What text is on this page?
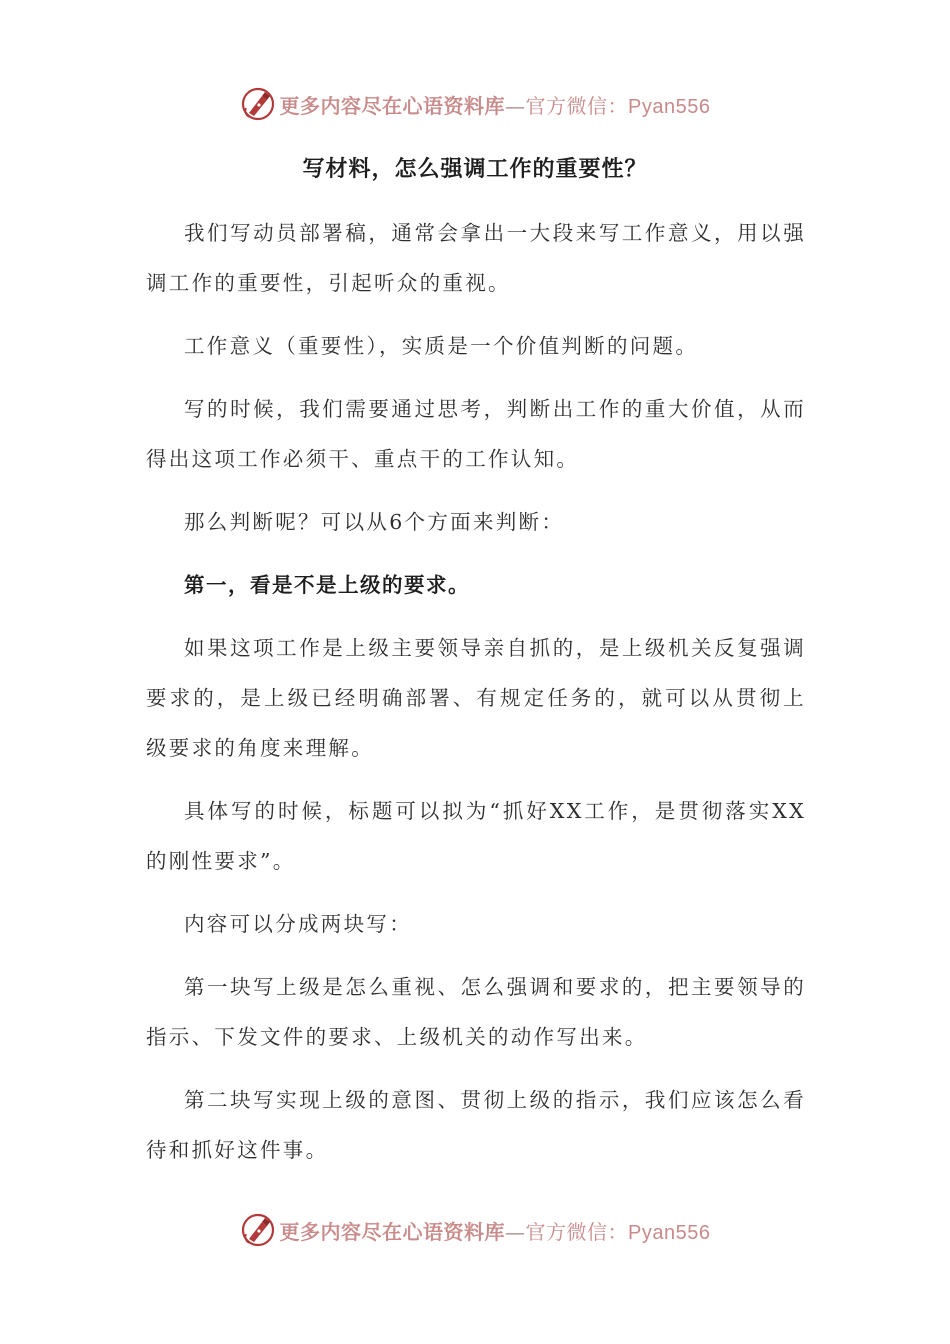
更多内容尽在心语资料库—官方微信：Pyan556
写材料，怎么强调工作的重要性？

我们写动员部署稿，通常会拿出一大段来写工作意义，用以强调工作的重要性，引起听众的重视。

工作意义（重要性），实质是一个价值判断的问题。

写的时候，我们需要通过思考，判断出工作的重大价值，从而得出这项工作必须干、重点干的工作认知。

那么判断呢？可以从6个方面来判断：

第一，看是不是上级的要求。

如果这项工作是上级主要领导亲自抓的，是上级机关反复强调要求的，是上级已经明确部署、有规定任务的，就可以从贯彻上级要求的角度来理解。

具体写的时候，标题可以拟为“抓好XX工作，是贯彻落实XX的刚性要求”。

内容可以分成两块写：

第一块写上级是怎么重视、怎么强调和要求的，把主要领导的指示、下发文件的要求、上级机关的动作写出来。

第二块写实现上级的意图、贯彻上级的指示，我们应该怎么看待和抓好这件事。

更多内容尽在心语资料库—官方微信：Pyan556
